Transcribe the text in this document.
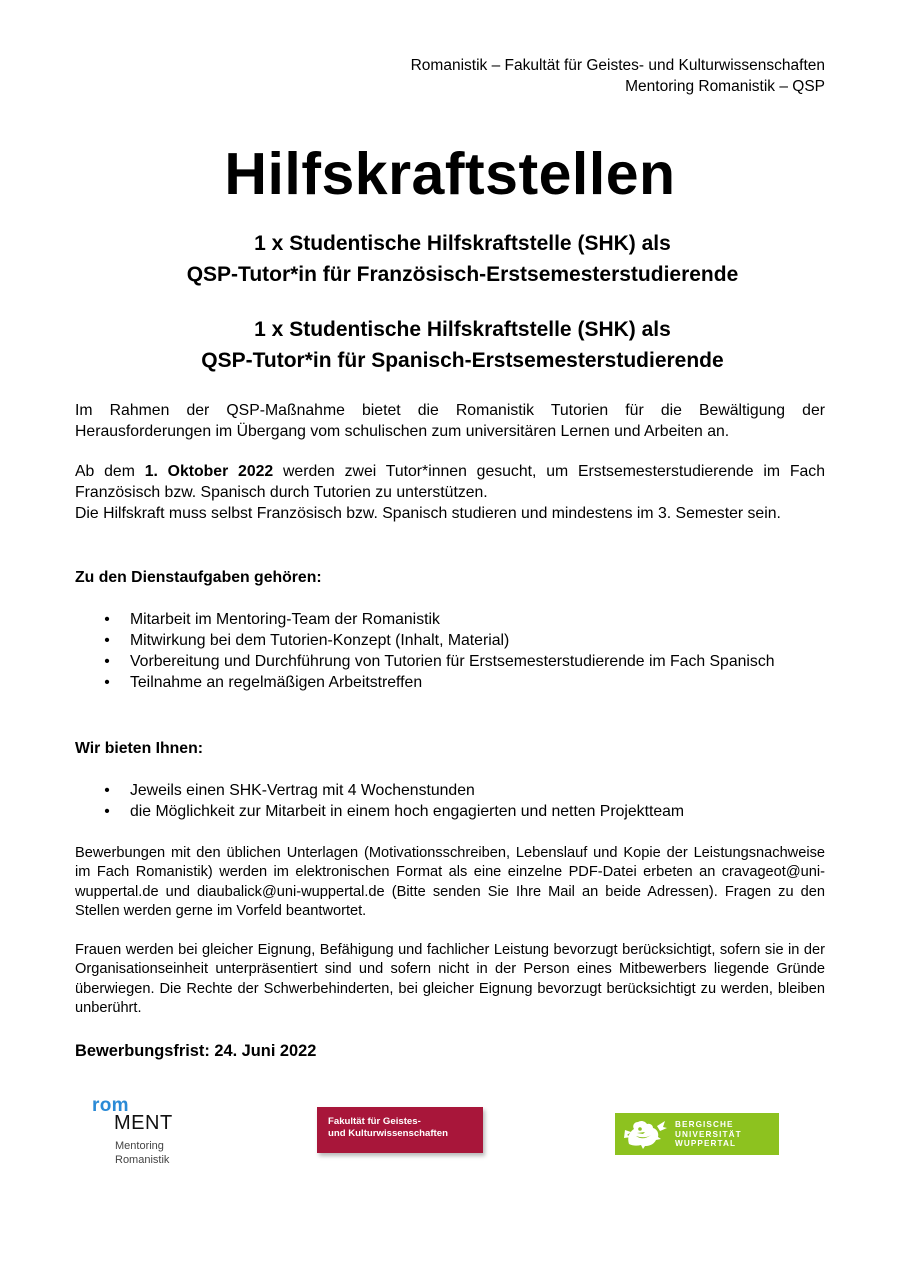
Romanistik – Fakultät für Geistes- und Kulturwissenschaften
Mentoring Romanistik – QSP
Hilfskraftstellen
1 x Studentische Hilfskraftstelle (SHK) als
QSP-Tutor*in für Französisch-Erstsemesterstudierende
1 x Studentische Hilfskraftstelle (SHK) als
QSP-Tutor*in für Spanisch-Erstsemesterstudierende
Im Rahmen der QSP-Maßnahme bietet die Romanistik Tutorien für die Bewältigung der Herausforderungen im Übergang vom schulischen zum universitären Lernen und Arbeiten an.
Ab dem 1. Oktober 2022 werden zwei Tutor*innen gesucht, um Erstsemesterstudierende im Fach Französisch bzw. Spanisch durch Tutorien zu unterstützen.
Die Hilfskraft muss selbst Französisch bzw. Spanisch studieren und mindestens im 3. Semester sein.
Zu den Dienstaufgaben gehören:
• Mitarbeit im Mentoring-Team der Romanistik
• Mitwirkung bei dem Tutorien-Konzept (Inhalt, Material)
• Vorbereitung und Durchführung von Tutorien für Erstsemesterstudierende im Fach Spanisch
• Teilnahme an regelmäßigen Arbeitstreffen
Wir bieten Ihnen:
• Jeweils einen SHK-Vertrag mit 4 Wochenstunden
• die Möglichkeit zur Mitarbeit in einem hoch engagierten und netten Projektteam
Bewerbungen mit den üblichen Unterlagen (Motivationsschreiben, Lebenslauf und Kopie der Leistungsnachweise im Fach Romanistik) werden im elektronischen Format als eine einzelne PDF-Datei erbeten an cravageot@uni-wuppertal.de und diaubalick@uni-wuppertal.de (Bitte senden Sie Ihre Mail an beide Adressen). Fragen zu den Stellen werden gerne im Vorfeld beantwortet.
Frauen werden bei gleicher Eignung, Befähigung und fachlicher Leistung bevorzugt berücksichtigt, sofern sie in der Organisationseinheit unterpräsentiert sind und sofern nicht in der Person eines Mitbewerbers liegende Gründe überwiegen. Die Rechte der Schwerbehinderten, bei gleicher Eignung bevorzugt berücksichtigt zu werden, bleiben unberührt.
Bewerbungsfrist: 24. Juni 2022
rom
MENT
Mentoring
Romanistik
Fakultät für Geistes-
und Kulturwissenschaften
BERGISCHE
UNIVERSITÄT
WUPPERTAL
